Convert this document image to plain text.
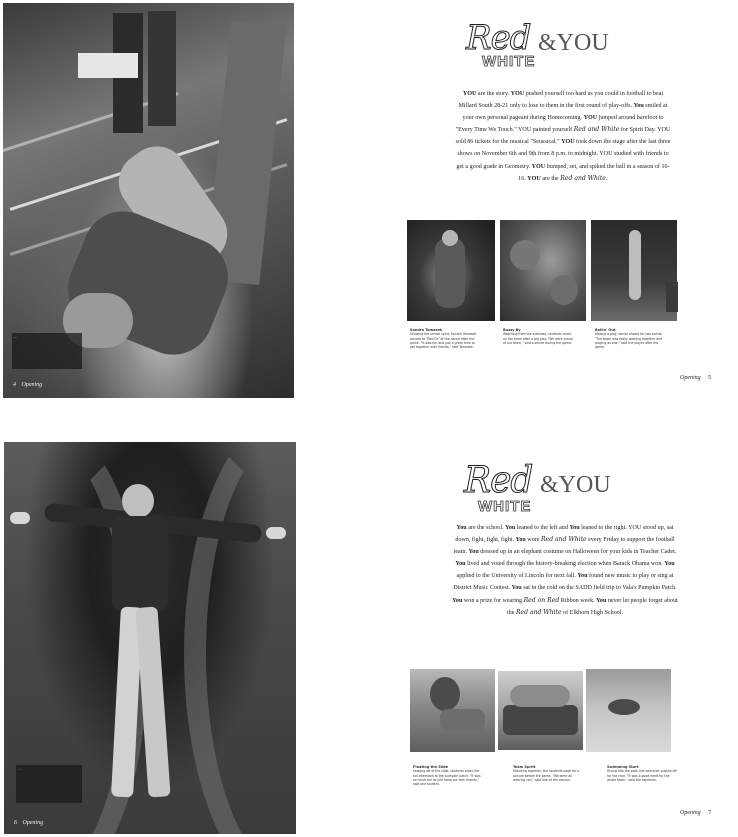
...
4 Opening
Red
WHITE
&YOU
YOU are the story. YOU pushed yourself too hard as you could in football to beat Millard South 28-21 only to lose to them in the first round of play-offs. You smiled at your own personal pageant during Homecoming. YOU jumped around barefoot to "Every Time We Touch." YOU painted yourself Red and White for Spirit Day. YOU sold 86 tickets for the musical "Seussical." YOU took down the stage after the last three shows on November 6th and 9th from 8 p.m. to midnight. YOU studied with friends to get a good grade in Geometry. YOU bumped, set, and spiked the ball in a season of 16-16. YOU are the Red and White.
Sandra Tomasek
Showing her school spirit, Sandra Tomasek dances to "Red Dr" at the dance after the game. "It was fun and just a great time to get together with friends," said Tomasek.
Buzzy By
Watching from the sidelines, students cheer on the team after a big play. "We were proud of our team," said a senior during the game.
Ballin' Out
Making a play, senior shoots for two points. "The team was really working together and playing as one," said the player after the game.
Opening 5
...
6 Opening
Red
WHITE
&YOU
You are the school. You leaned to the left and You leaned to the right. YOU stood up, sat down, fight, fight, fight. You wore Red and White every Friday to support the football team. You dressed up in an elephant costume on Halloween for your kids in Teacher Cadet. You lived and voted through the history-breaking election when Barack Obama won. You applied to the University of Lincoln for next fall. You found new music to play or sing at District Music Contest. You sat in the cold on the SADD field trip to Vala's Pumpkin Patch. You won a prize for wearing Red on Red Ribbon week. You never let people forget about the Red and White of Elkhorn High School.
Floating the Slide
Leaping off of the slide, students enjoy the fall afternoon at the pumpkin patch. "It was so much fun to just hang out with friends," said one student.
Team Spirit
Standing together, the students pose for a picture before the game. "We were all wearing red," said one of the seniors.
Swimming Start
Diving into the pool, the swimmer pushes off for the race. "It was a good meet for the whole team," said the swimmer.
Opening 7
